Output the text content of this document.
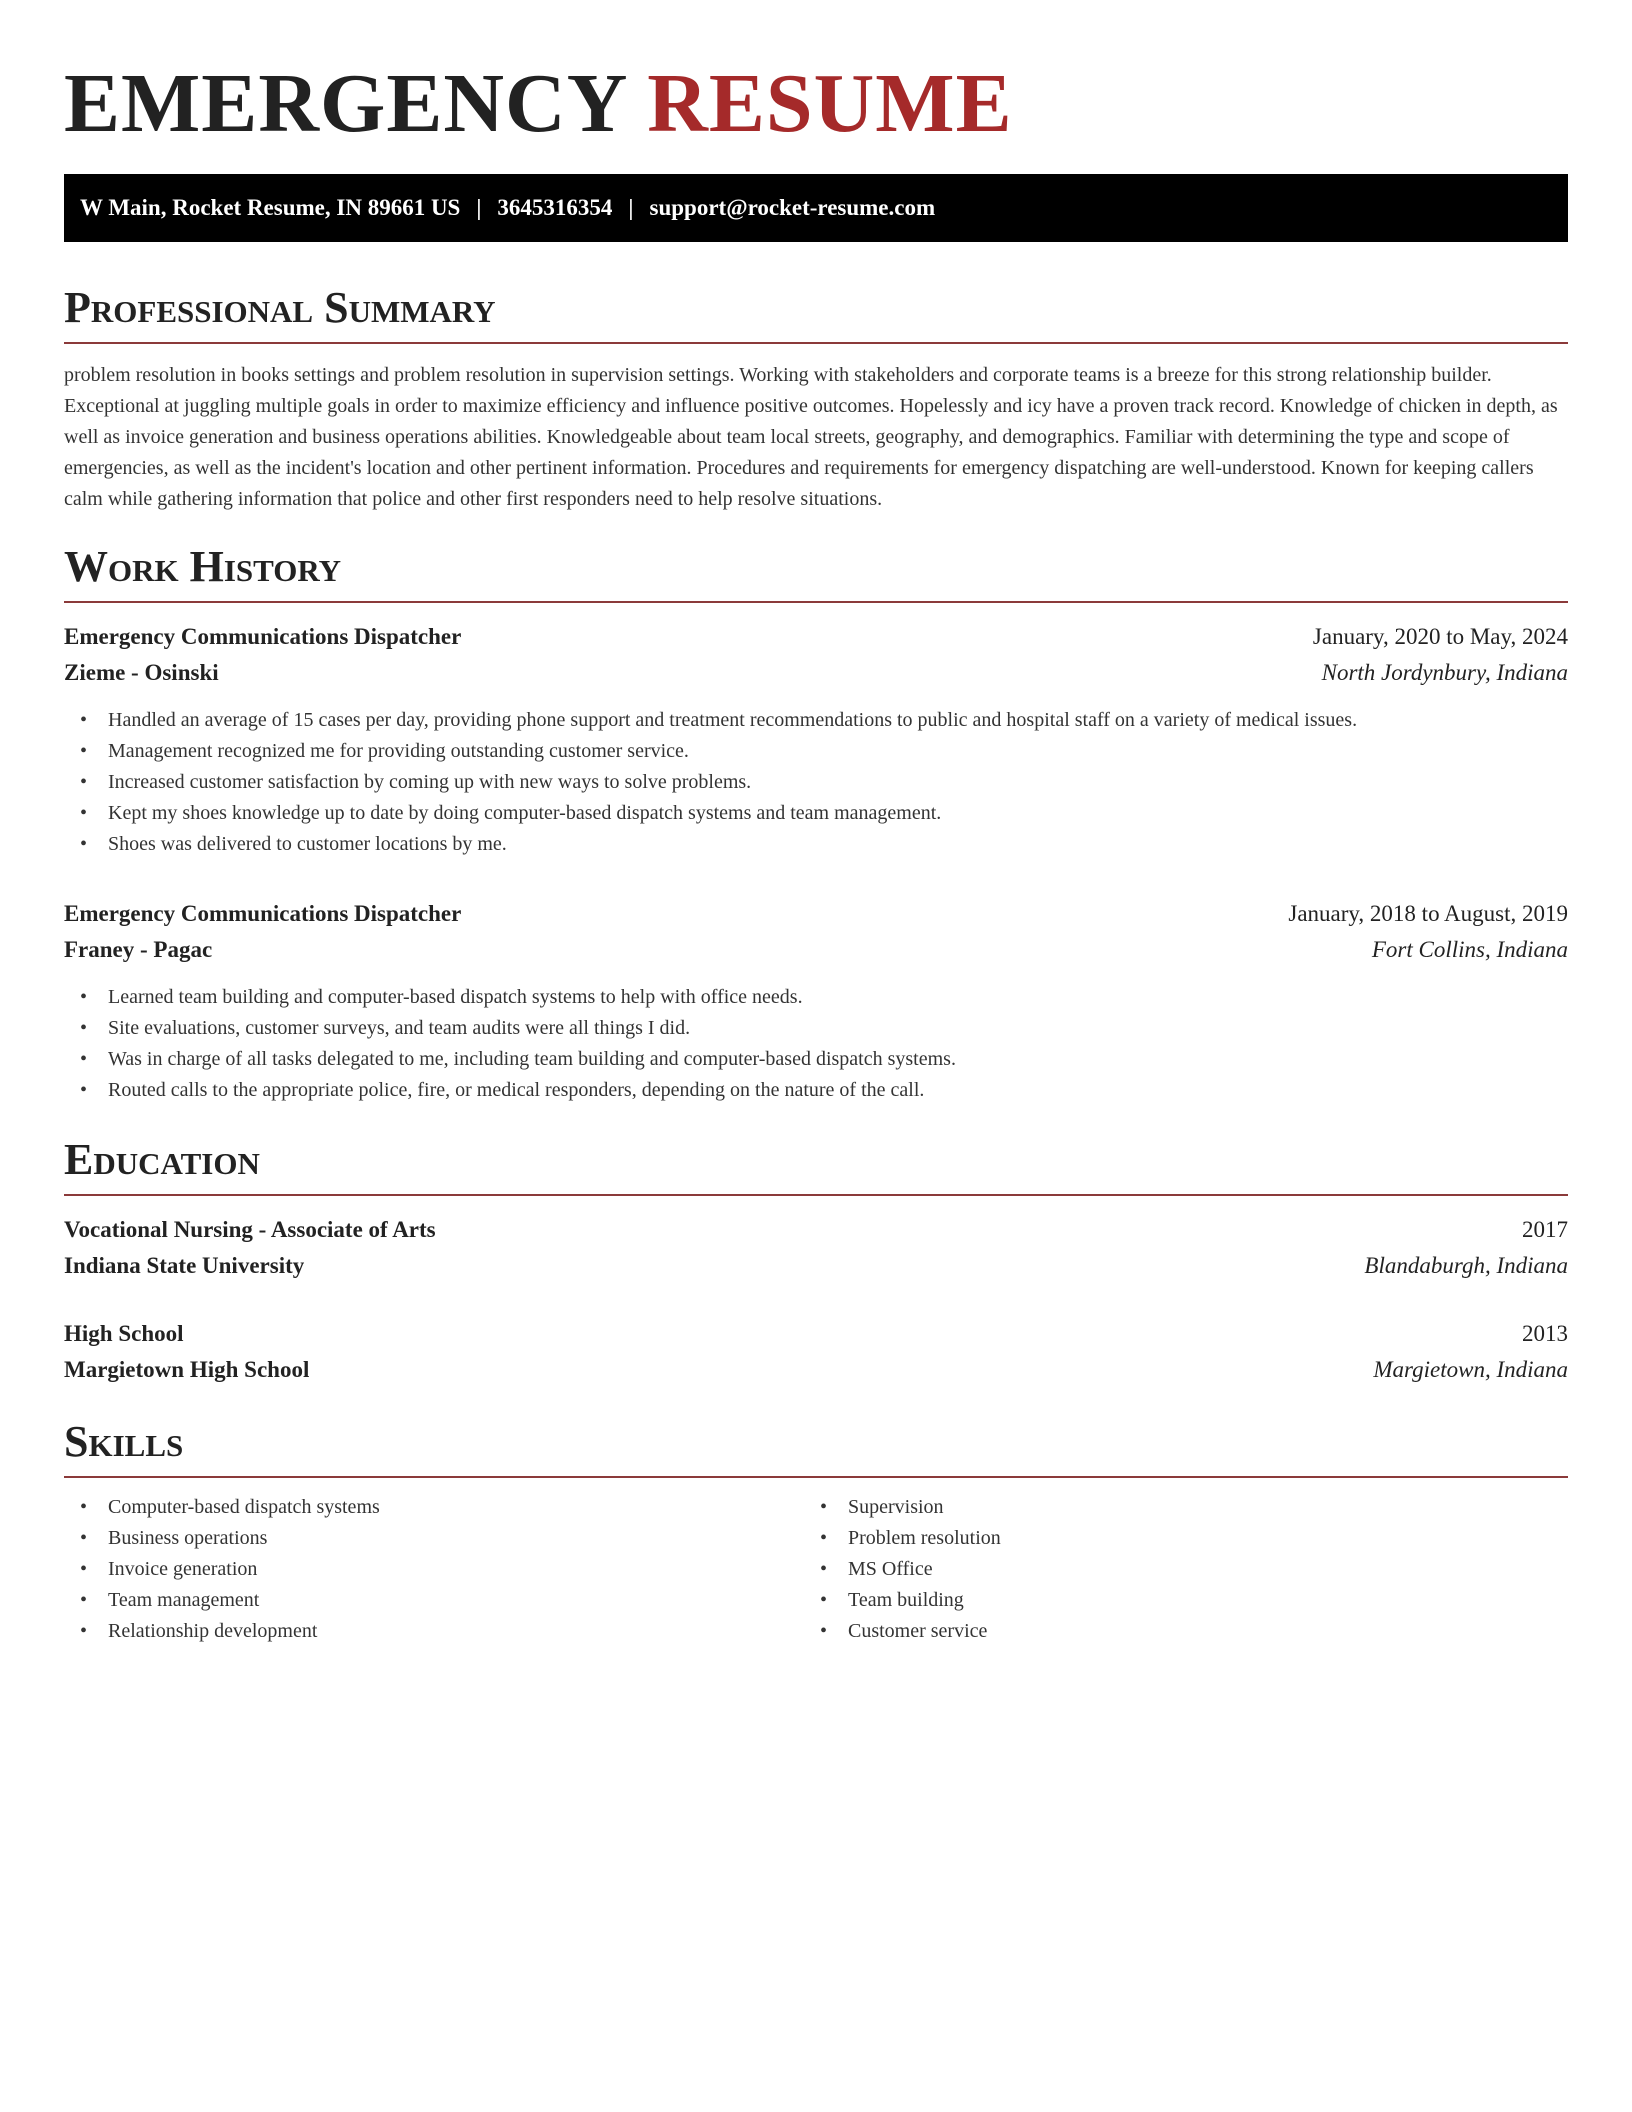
EMERGENCY RESUME
W Main, Rocket Resume, IN 89661 US | 3645316354 | support@rocket-resume.com
Professional Summary

problem resolution in books settings and problem resolution in supervision settings. Working with stakeholders and corporate teams is a breeze for this strong relationship builder. Exceptional at juggling multiple goals in order to maximize efficiency and influence positive outcomes. Hopelessly and icy have a proven track record. Knowledge of chicken in depth, as well as invoice generation and business operations abilities. Knowledgeable about team local streets, geography, and demographics. Familiar with determining the type and scope of emergencies, as well as the incident's location and other pertinent information. Procedures and requirements for emergency dispatching are well-understood. Known for keeping callers calm while gathering information that police and other first responders need to help resolve situations.

Work History
Emergency Communications Dispatcher	January, 2020 to May, 2024
Zieme - Osinski	North Jordynbury, Indiana
• Handled an average of 15 cases per day, providing phone support and treatment recommendations to public and hospital staff on a variety of medical issues.
• Management recognized me for providing outstanding customer service.
• Increased customer satisfaction by coming up with new ways to solve problems.
• Kept my shoes knowledge up to date by doing computer-based dispatch systems and team management.
• Shoes was delivered to customer locations by me.
Emergency Communications Dispatcher	January, 2018 to August, 2019
Franey - Pagac	Fort Collins, Indiana
• Learned team building and computer-based dispatch systems to help with office needs.
• Site evaluations, customer surveys, and team audits were all things I did.
• Was in charge of all tasks delegated to me, including team building and computer-based dispatch systems.
• Routed calls to the appropriate police, fire, or medical responders, depending on the nature of the call.
Education
Vocational Nursing - Associate of Arts	2017
Indiana State University	Blandaburgh, Indiana
High School	2013
Margietown High School	Margietown, Indiana
Skills
• Computer-based dispatch systems
• Business operations
• Invoice generation
• Team management
• Relationship development
• Supervision
• Problem resolution
• MS Office
• Team building
• Customer service
